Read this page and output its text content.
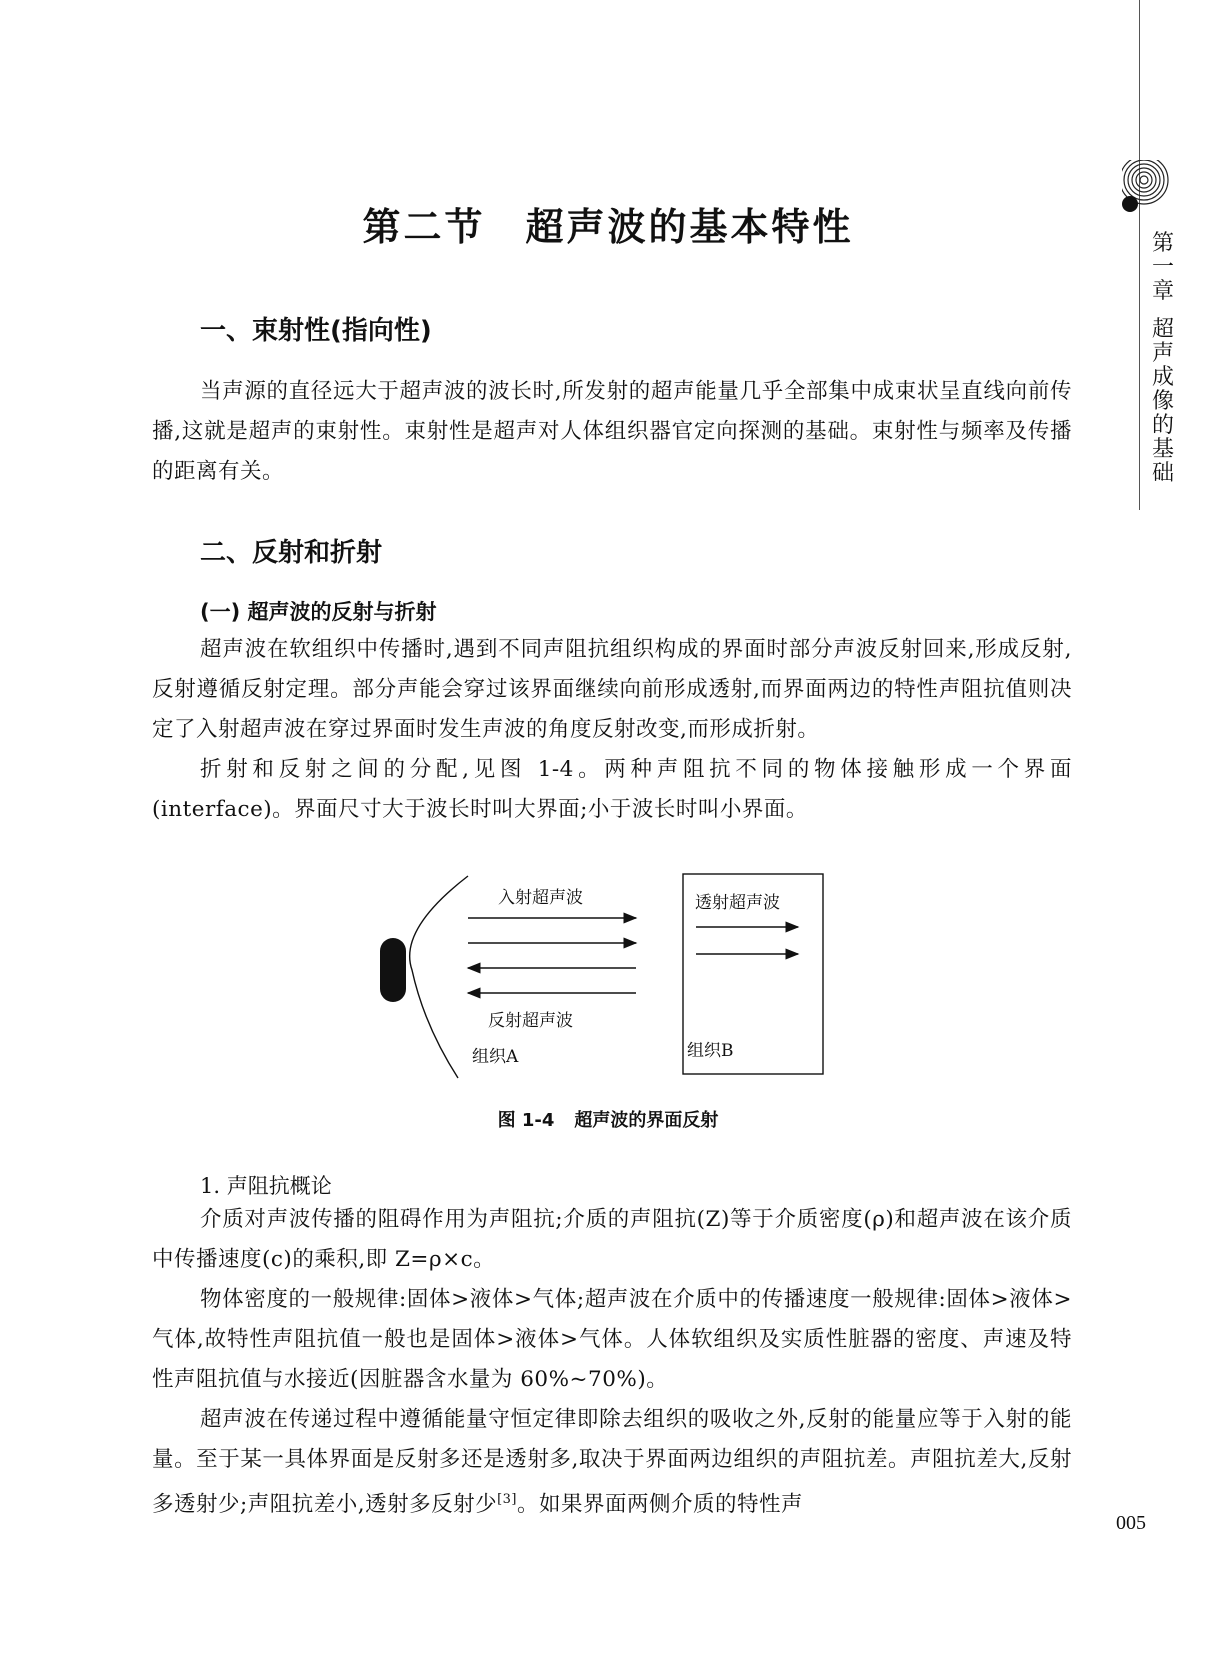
第
一
章
超
声
成
像
的
基
础
第二节 超声波的基本特性
一、束射性(指向性)
当声源的直径远大于超声波的波长时,所发射的超声能量几乎全部集中成束状呈直线向前传播,这就是超声的束射性。束射性是超声对人体组织器官定向探测的基础。束射性与频率及传播的距离有关。
二、反射和折射
(一) 超声波的反射与折射
超声波在软组织中传播时,遇到不同声阻抗组织构成的界面时部分声波反射回来,形成反射,反射遵循反射定理。部分声能会穿过该界面继续向前形成透射,而界面两边的特性声阻抗值则决定了入射超声波在穿过界面时发生声波的角度反射改变,而形成折射。
折射和反射之间的分配,见图 1-4。两种声阻抗不同的物体接触形成一个界面(interface)。界面尺寸大于波长时叫大界面;小于波长时叫小界面。
入射超声波	透射超声波
反射超声波
组织A	组织B
图 1-4 超声波的界面反射
1. 声阻抗概论
介质对声波传播的阻碍作用为声阻抗;介质的声阻抗(Z)等于介质密度(ρ)和超声波在该介质中传播速度(c)的乘积,即 Z=ρ×c。
物体密度的一般规律:固体>液体>气体;超声波在介质中的传播速度一般规律:固体>液体> 气体,故特性声阻抗值一般也是固体>液体>气体。人体软组织及实质性脏器的密度、声速及特性声阻抗值与水接近(因脏器含水量为 60%~70%)。
超声波在传递过程中遵循能量守恒定律即除去组织的吸收之外,反射的能量应等于入射的能量。至于某一具体界面是反射多还是透射多,取决于界面两边组织的声阻抗差。声阻抗差大,反射多透射少;声阻抗差小,透射多反射少[3]。如果界面两侧介质的特性声
005
